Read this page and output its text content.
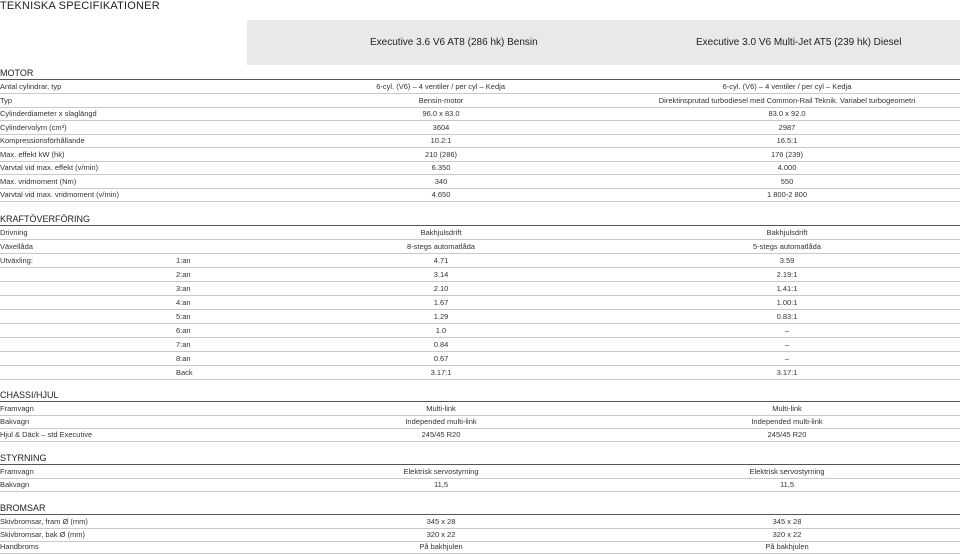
TEKNISKA SPECIFIKATIONER
Executive 3.6 V6 AT8 (286 hk) Bensin	Executive 3.0 V6 Multi-Jet AT5 (239 hk) Diesel
MOTOR
Antal cylindrar, typ	6-cyl. (V6) – 4 ventiler / per cyl – Kedja	6-cyl. (V6) – 4 ventiler / per cyl – Kedja
Typ	Bensin-motor	Direktinsprutad turbodiesel med Common-Rail Teknik. Variabel turbogeometri
Cylinderdiameter x slaglängd	96.0 x 83.0	83.0 x 92.0
Cylindervolym (cm³)	3604	2987
Kompressionsförhållande	10.2:1	16.5:1
Max. effekt kW (hk)	210 (286)	176 (239)
Varvtal vid max. effekt (v/min)	6.350	4.000
Max. vridmoment (Nm)	340	550
Varvtal vid max. vridmoment (v/min)	4.650	1 800-2 800
KRAFTÖVERFÖRING
Drivning	Bakhjulsdrift	Bakhjulsdrift
Växellåda	8-stegs automatlåda	5-stegs automatlåda
Utväxling:	1:an	4.71	3.59
2:an	3.14	2.19:1
3:an	2.10	1.41:1
4:an	1.67	1.00:1
5:an	1.29	0.83:1
6:an	1.0	–
7:an	0.84	–
8:an	0.67	–
Back	3.17:1	3.17:1
CHASSI/HJUL
Framvagn	Multi-link	Multi-link
Bakvagn	Independed multi-link	Independed multi-link
Hjul & Däck – std Executive	245/45 R20	245/45 R20
STYRNING
Framvagn	Elektrisk servostyrning	Elektrisk servostyrning
Bakvagn	11,5	11,5
BROMSAR
Skivbromsar, fram Ø (mm)	345 x 28	345 x 28
Skivbromsar, bak Ø (mm)	320 x 22	320 x 22
Handbroms	På bakhjulen	På bakhjulen
